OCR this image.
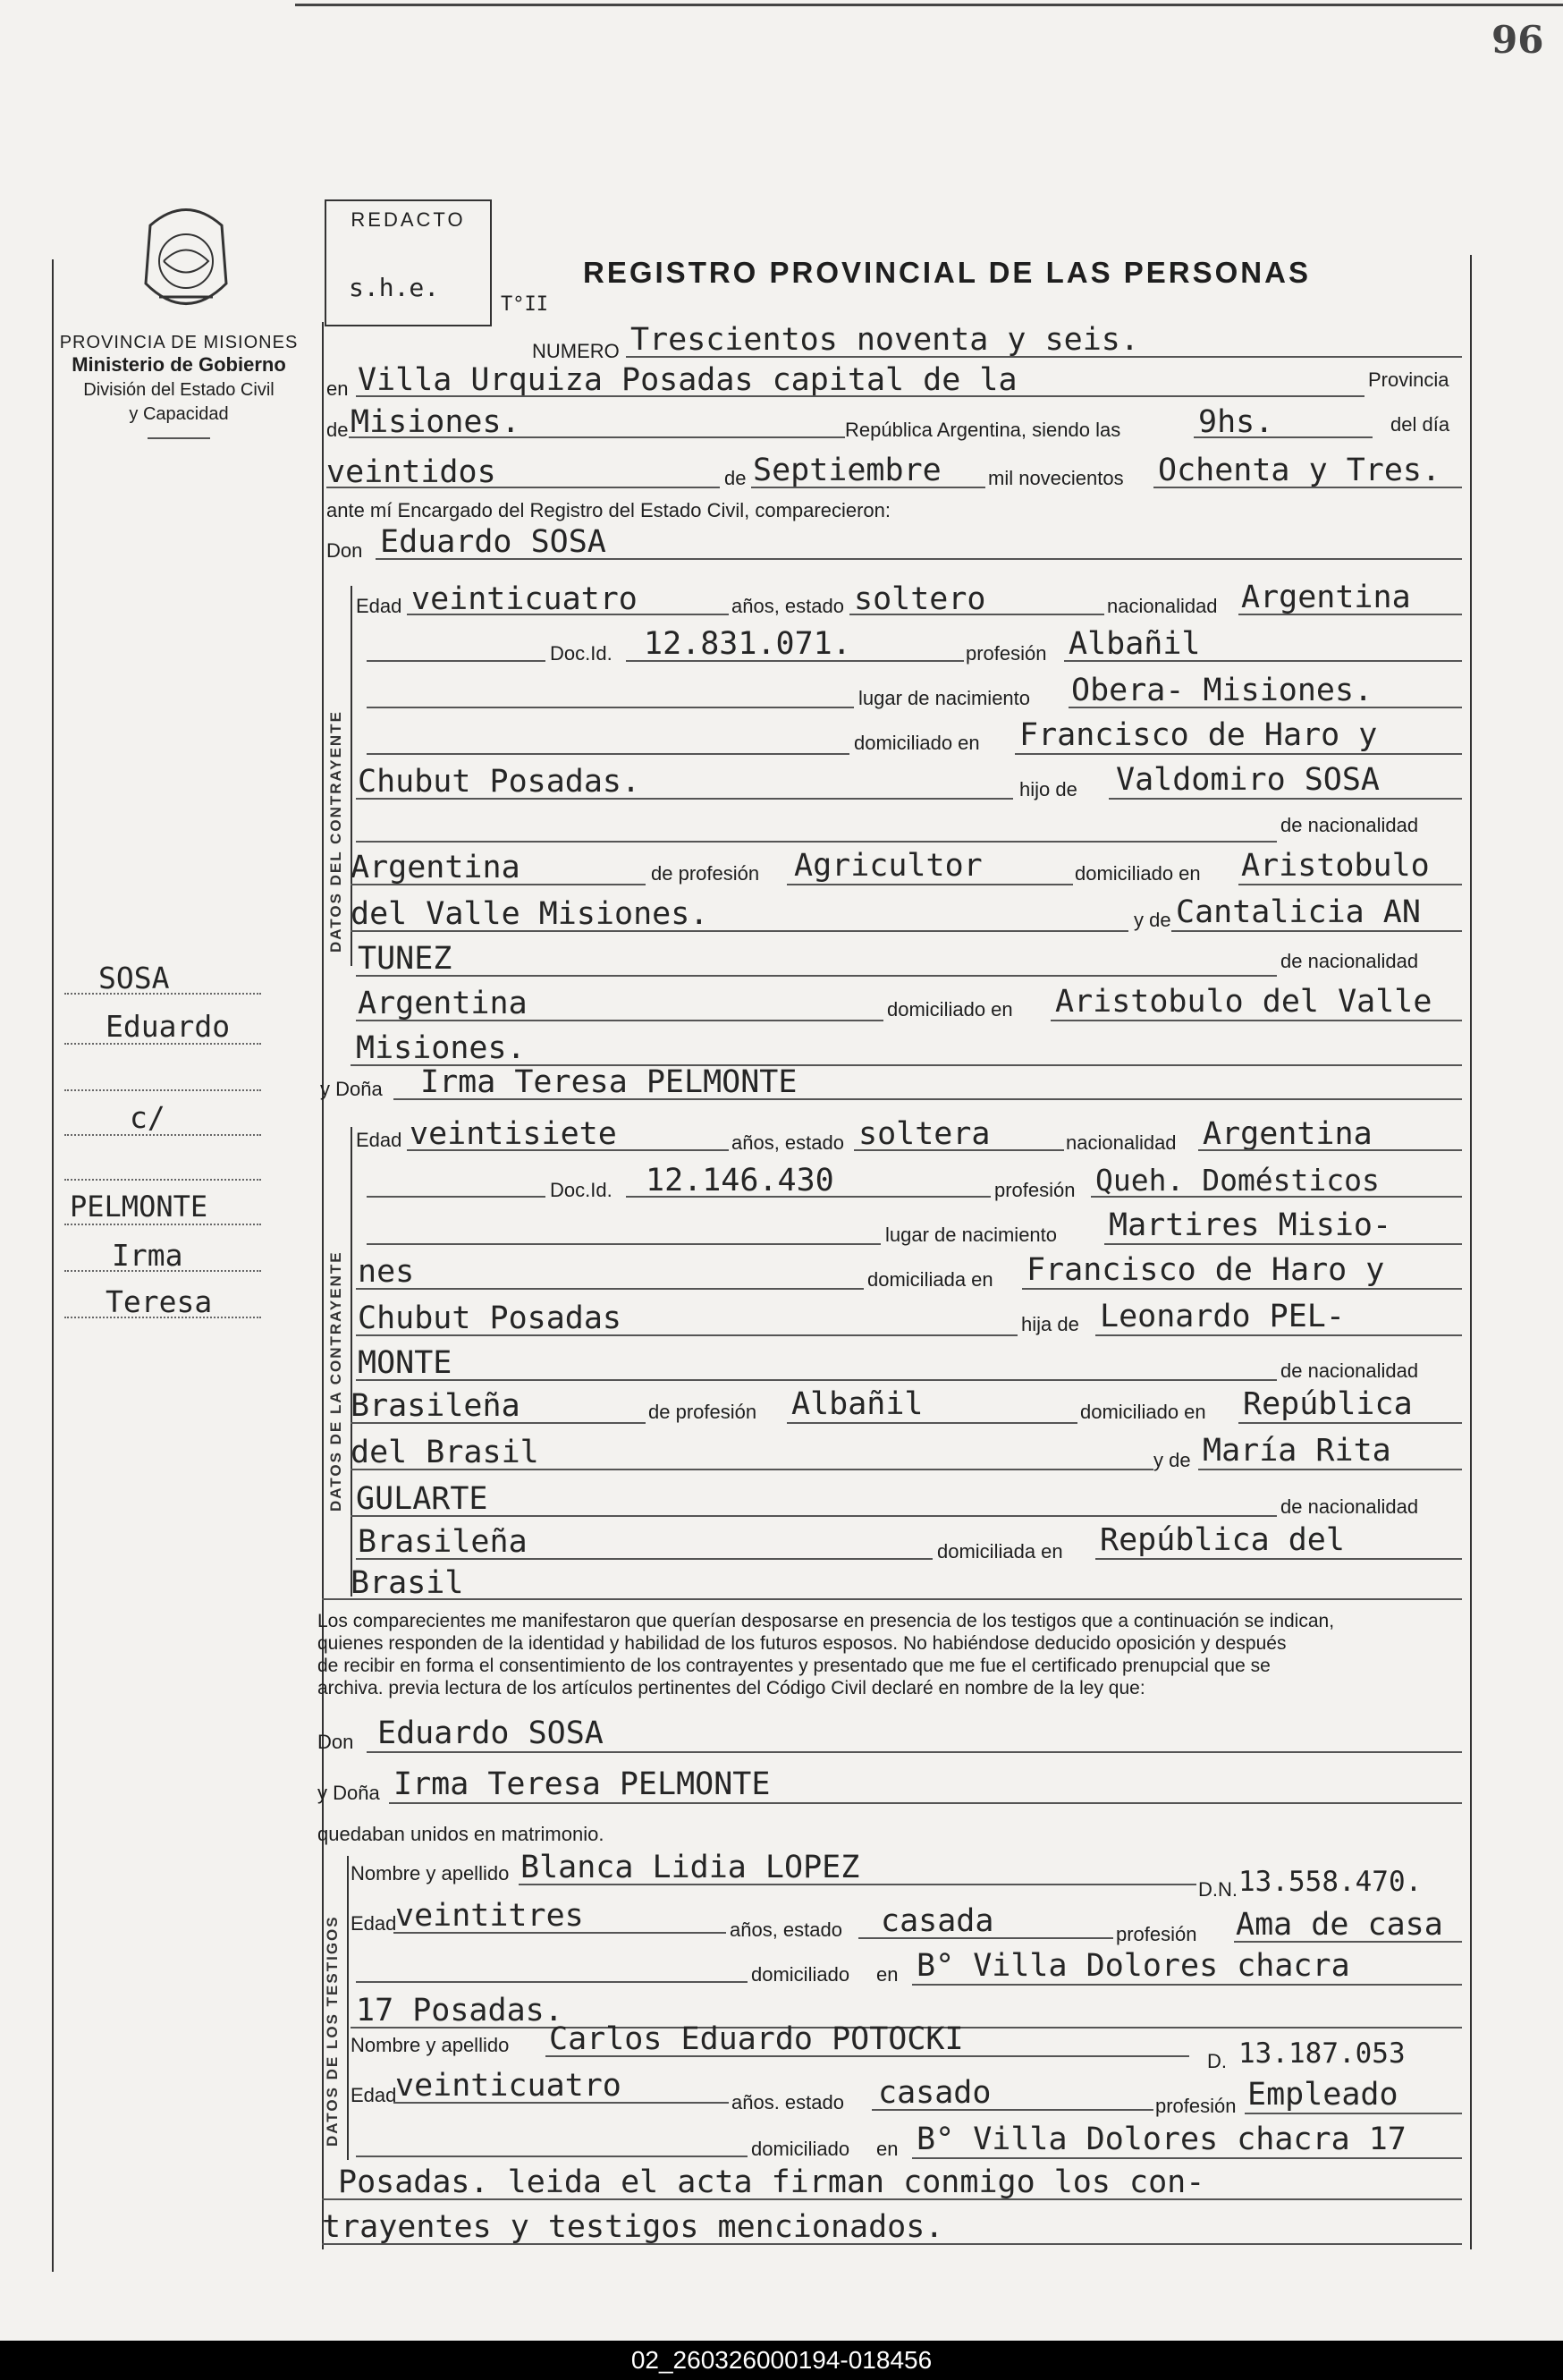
96
PROVINCIA DE MISIONES
Ministerio de Gobierno
División del Estado Civil
y Capacidad
REDACTO
s.h.e.
T°II
REGISTRO PROVINCIAL DE LAS PERSONAS
NUMERO Trescientos noventa y seis.
en Villa Urquiza Posadas capital de la	Provincia
de Misiones.	República Argentina, siendo las 9hs.	del día
veintidos	de Septiembre mil novecientos Ochenta y Tres.
ante mí Encargado del Registro del Estado Civil, comparecieron:
Don Eduardo SOSA
DATOS DEL CONTRAYENTE
Edad veinticuatro	años, estado soltero	nacionalidad Argentina
Doc.Id. 12.831.071.	profesión Albañil
lugar de nacimiento Obera- Misiones.
domiciliado en Francisco de Haro y
Chubut Posadas.	hijo de Valdomiro SOSA
de nacionalidad
Argentina	de profesión Agricultor	domiciliado en Aristobulo
del Valle Misiones.	y de Cantalicia AN
TUNEZ	de nacionalidad
Argentina	domiciliado en Aristobulo del Valle
Misiones.
y Doña Irma Teresa PELMONTE
DATOS DE LA CONTRAYENTE
Edad veintisiete	años, estado soltera	nacionalidad Argentina
Doc.Id. 12.146.430	profesión Queh. Domésticos
lugar de nacimiento Martires Misio-
nes	domiciliada en Francisco de Haro y
Chubut Posadas	hija de Leonardo PEL-
MONTE	de nacionalidad
Brasileña	de profesión Albañil	domiciliado en República
del Brasil	y de María Rita
GULARTE	de nacionalidad
Brasileña	domiciliada en República del
Brasil
Los comparecientes me manifestaron que querían desposarse en presencia de los testigos que a continuación se indican,
quienes responden de la identidad y habilidad de los futuros esposos. No habiéndose deducido oposición y después
de recibir en forma el consentimiento de los contrayentes y presentado que me fue el certificado prenupcial que se
archiva. previa lectura de los artículos pertinentes del Código Civil declaré en nombre de la ley que:
Don Eduardo SOSA
y Doña Irma Teresa PELMONTE
quedaban unidos en matrimonio.
DATOS DE LOS TESTIGOS
Nombre y apellido Blanca Lidia LOPEZ
D.N. 13.558.470.
Edad
veintitres	años, estado casada	profesión Ama de casa
domiciliado en B° Villa Dolores chacra
17 Posadas.
Nombre y apellido Carlos Eduardo POTOCKI
D. 13.187.053
Edad
veinticuatro	años. estado casado	profesión Empleado
domiciliado en B° Villa Dolores chacra 17
Posadas. leida el acta firman conmigo los con-
trayentes y testigos mencionados.
SOSA
Eduardo
c/
PELMONTE
Irma
Teresa
02_260326000194-018456
